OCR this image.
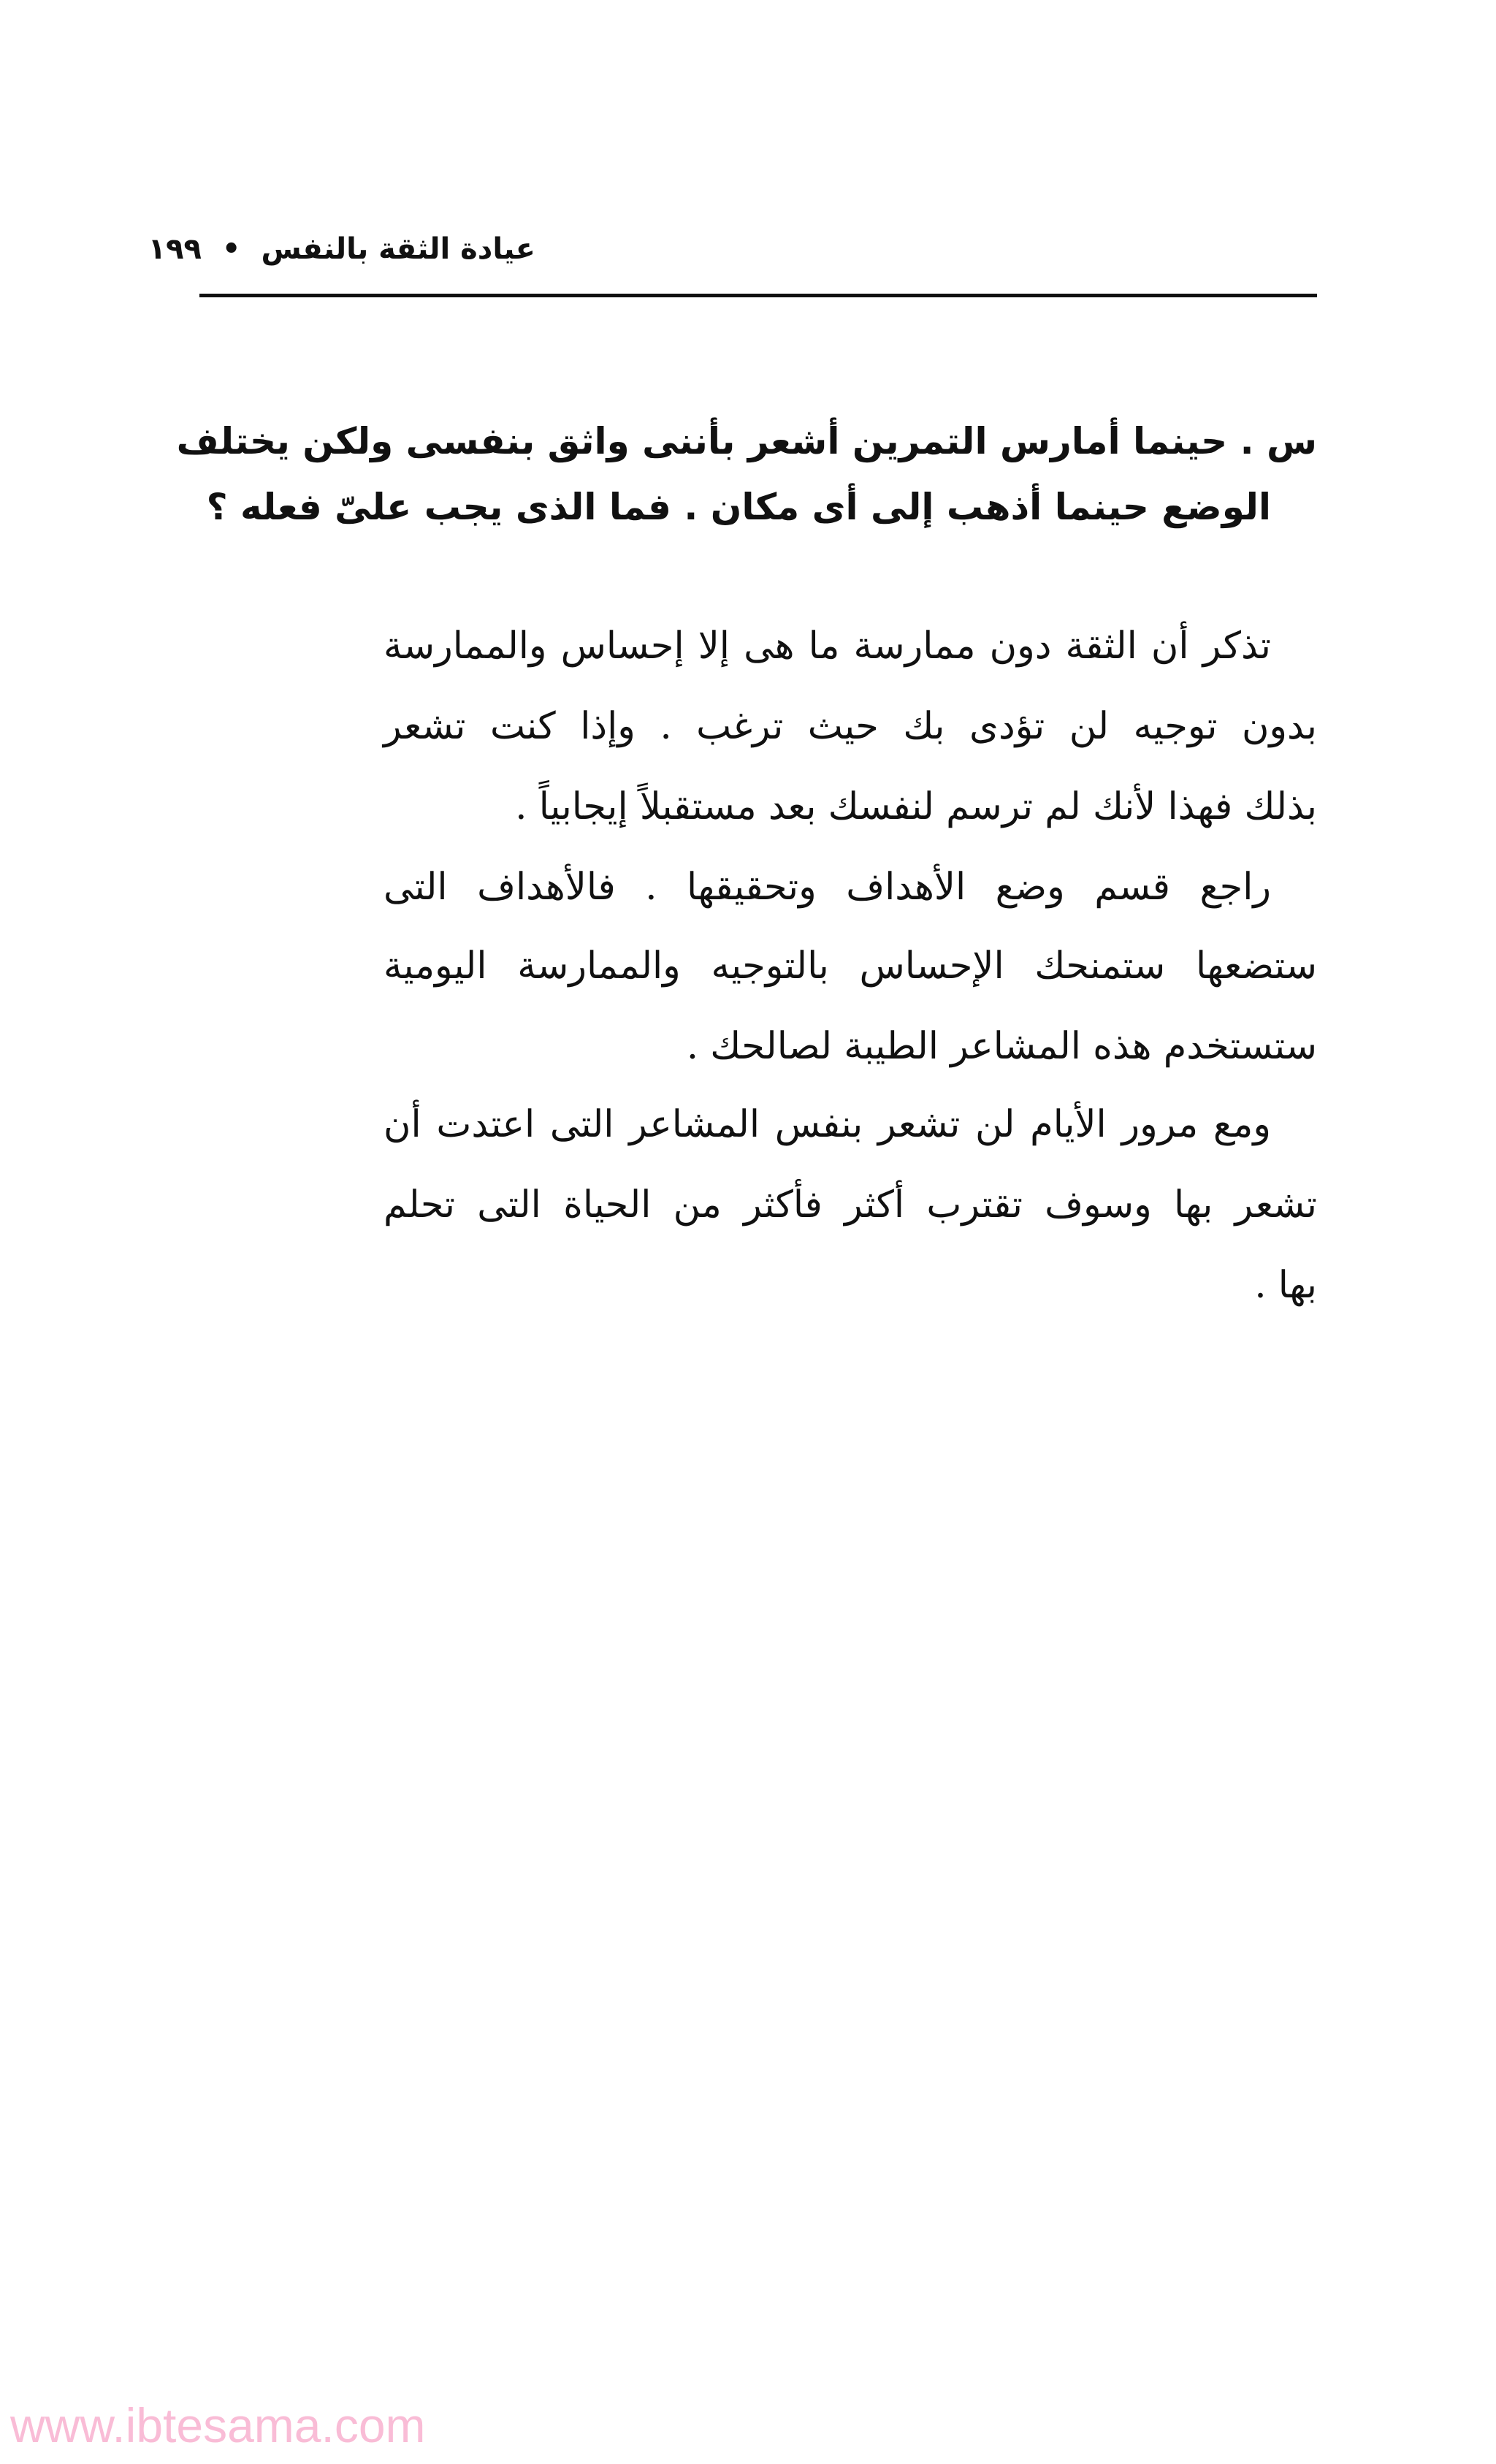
عيادة الثقة بالنفس•١٩٩
س . حينما أمارس التمرين أشعر بأننى واثق بنفسى ولكن يختلف
الوضع حينما أذهب إلى أى مكان . فما الذى يجب علىّ فعله ؟
تذكر أن الثقة دون ممارسة ما هى إلا إحساس والممارسة
بدون توجيه لن تؤدى بك حيث ترغب . وإذا كنت تشعر
بذلك فهذا لأنك لم ترسم لنفسك بعد مستقبلاً إيجابياً .
راجع قسم وضع الأهداف وتحقيقها . فالأهداف التى
ستضعها ستمنحك الإحساس بالتوجيه والممارسة اليومية
ستستخدم هذه المشاعر الطيبة لصالحك .
ومع مرور الأيام لن تشعر بنفس المشاعر التى اعتدت أن
تشعر بها وسوف تقترب أكثر فأكثر من الحياة التى تحلم
بها .
www.ibtesama.com
